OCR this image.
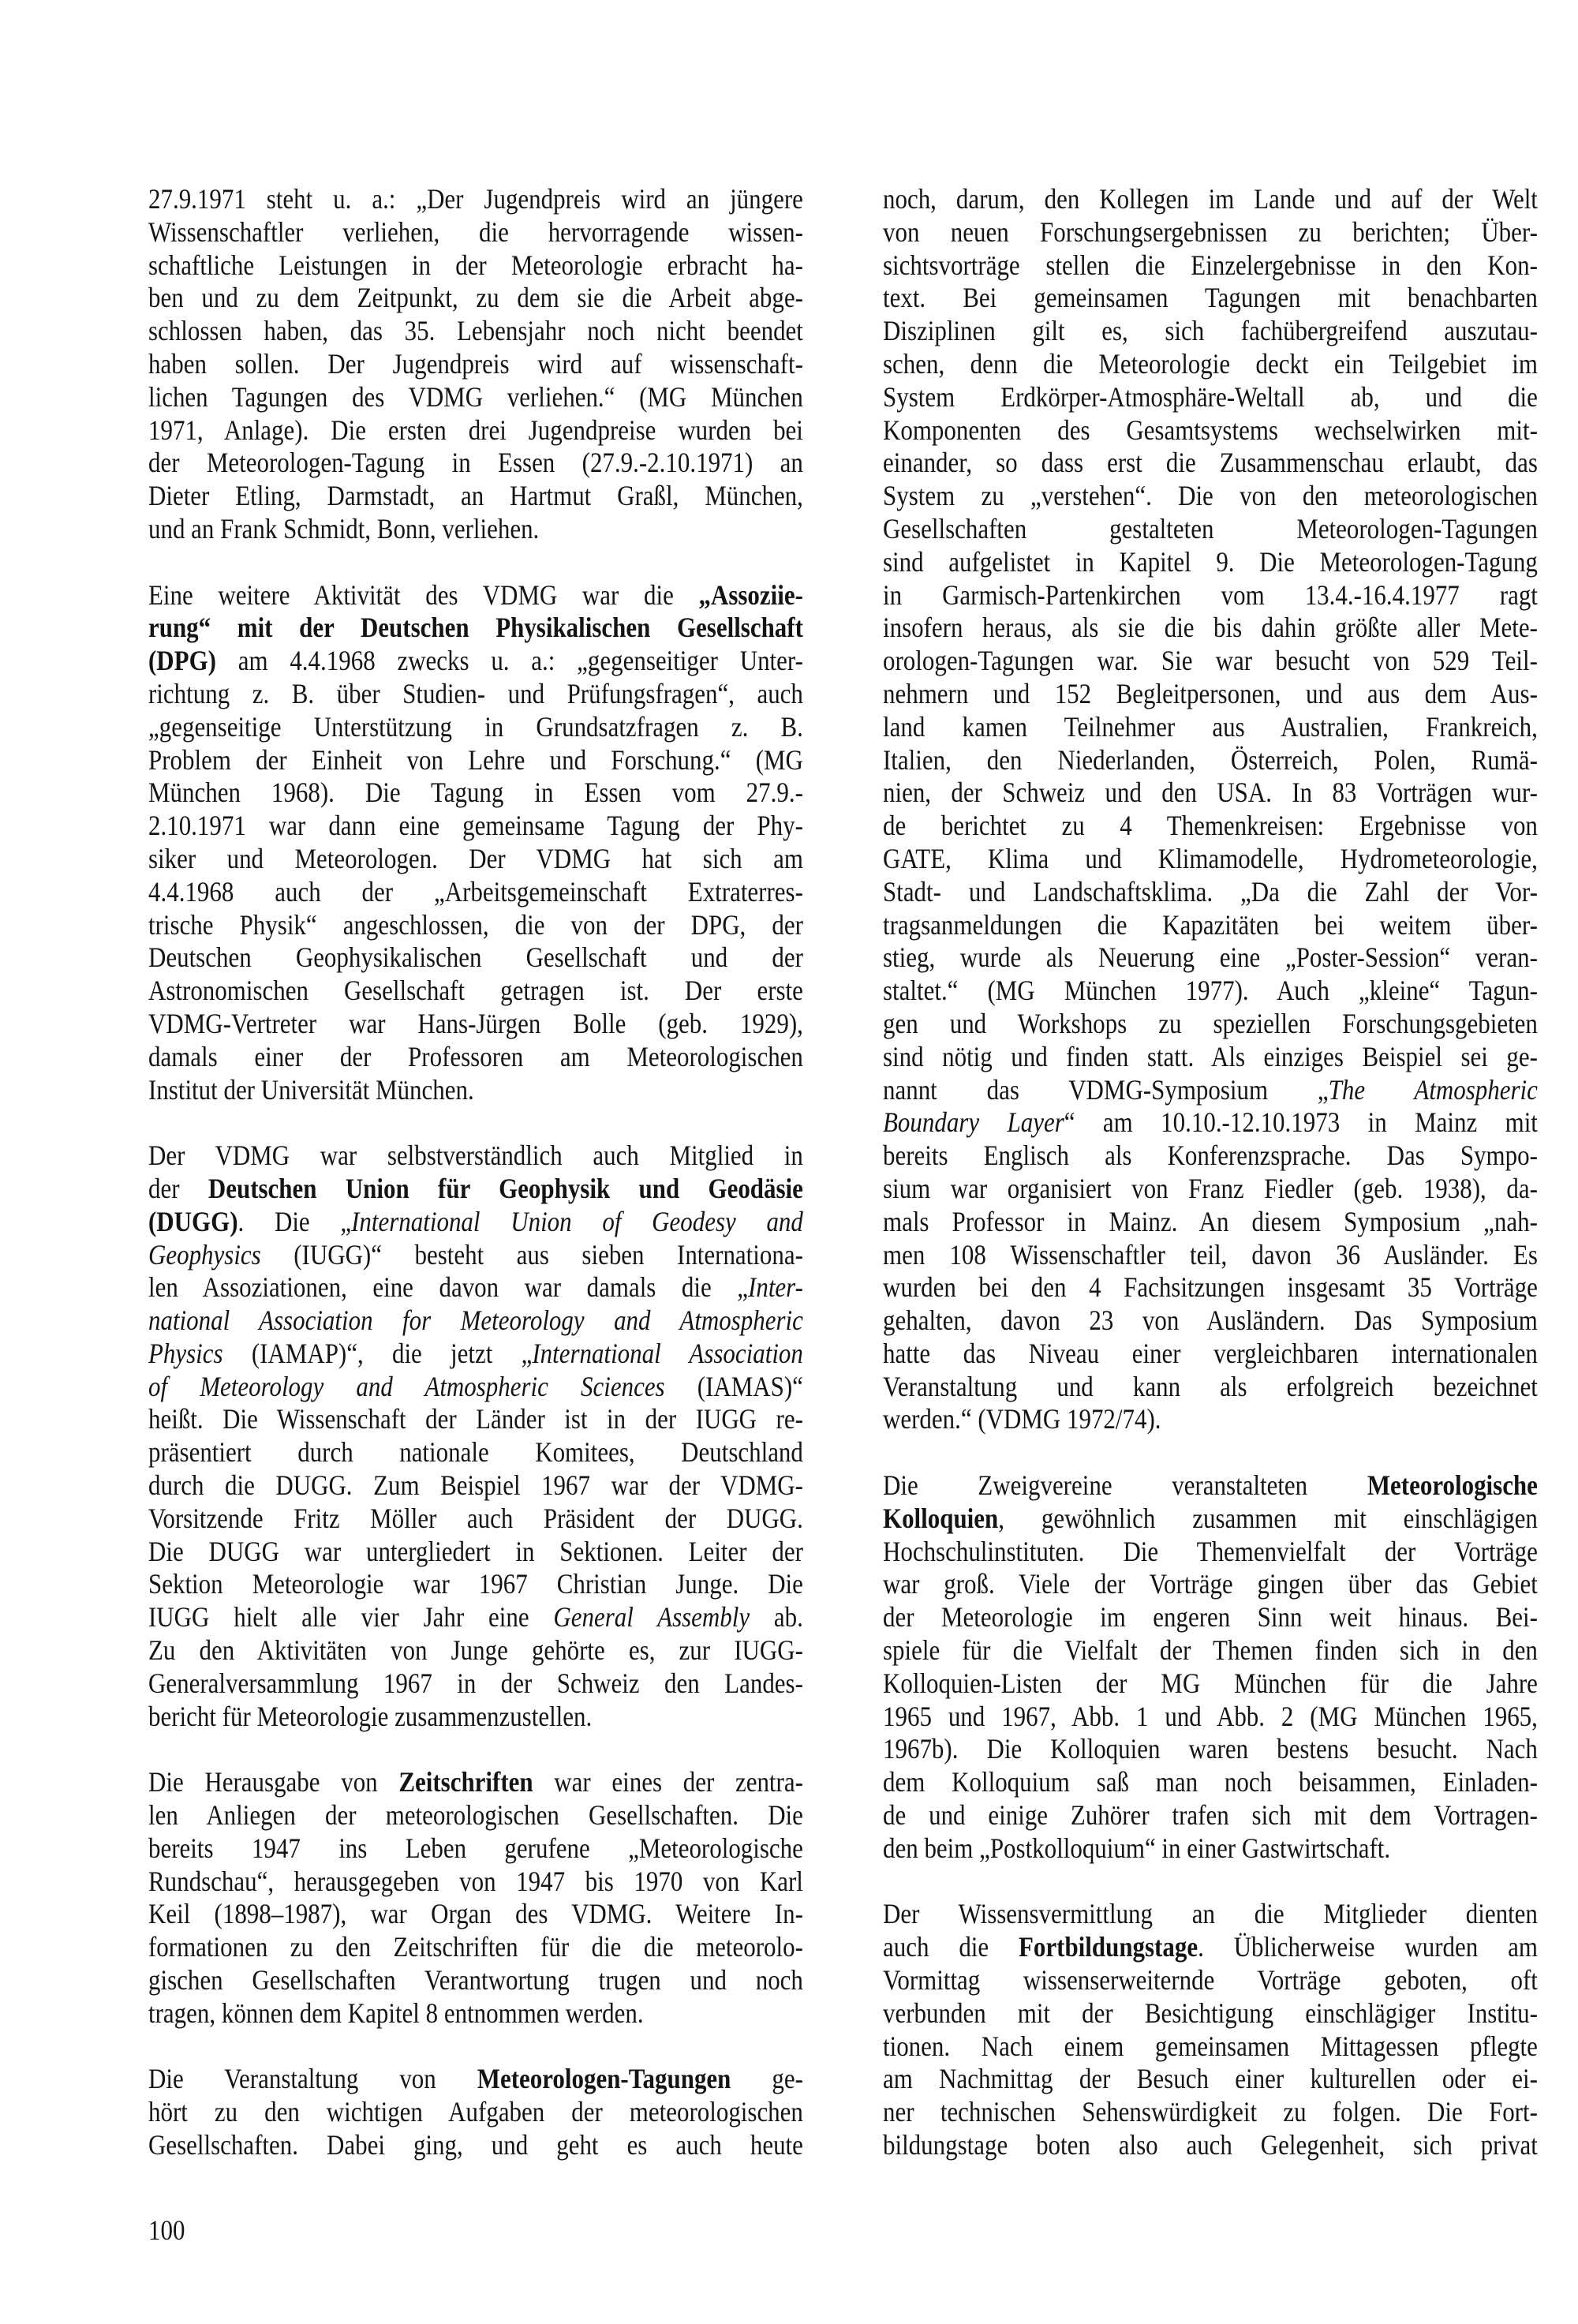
27.9.1971 steht u. a.: „Der Jugendpreis wird an jüngere
Wissenschaftler verliehen, die hervorragende wissen-
schaftliche Leistungen in der Meteorologie erbracht ha-
ben und zu dem Zeitpunkt, zu dem sie die Arbeit abge-
schlossen haben, das 35. Lebensjahr noch nicht beendet
haben sollen. Der Jugendpreis wird auf wissenschaft-
lichen Tagungen des VDMG verliehen.“ (MG München
1971, Anlage). Die ersten drei Jugendpreise wurden bei
der Meteorologen-Tagung in Essen (27.9.-2.10.1971) an
Dieter Etling, Darmstadt, an Hartmut Graßl, München,
und an Frank Schmidt, Bonn, verliehen.
Eine weitere Aktivität des VDMG war die „Assoziie-
rung“ mit der Deutschen Physikalischen Gesellschaft
(DPG) am 4.4.1968 zwecks u. a.: „gegenseitiger Unter-
richtung z. B. über Studien- und Prüfungsfragen“, auch
„gegenseitige Unterstützung in Grundsatzfragen z. B.
Problem der Einheit von Lehre und Forschung.“ (MG
München 1968). Die Tagung in Essen vom 27.9.-
2.10.1971 war dann eine gemeinsame Tagung der Phy-
siker und Meteorologen. Der VDMG hat sich am
4.4.1968 auch der „Arbeitsgemeinschaft Extraterres-
trische Physik“ angeschlossen, die von der DPG, der
Deutschen Geophysikalischen Gesellschaft und der
Astronomischen Gesellschaft getragen ist. Der erste
VDMG-Vertreter war Hans-Jürgen Bolle (geb. 1929),
damals einer der Professoren am Meteorologischen
Institut der Universität München.
Der VDMG war selbstverständlich auch Mitglied in
der Deutschen Union für Geophysik und Geodäsie
(DUGG). Die „International Union of Geodesy and
Geophysics (IUGG)“ besteht aus sieben Internationa-
len Assoziationen, eine davon war damals die „Inter-
national Association for Meteorology and Atmospheric
Physics (IAMAP)“, die jetzt „International Association
of Meteorology and Atmospheric Sciences (IAMAS)“
heißt. Die Wissenschaft der Länder ist in der IUGG re-
präsentiert durch nationale Komitees, Deutschland
durch die DUGG. Zum Beispiel 1967 war der VDMG-
Vorsitzende Fritz Möller auch Präsident der DUGG.
Die DUGG war untergliedert in Sektionen. Leiter der
Sektion Meteorologie war 1967 Christian Junge. Die
IUGG hielt alle vier Jahr eine General Assembly ab.
Zu den Aktivitäten von Junge gehörte es, zur IUGG-
Generalversammlung 1967 in der Schweiz den Landes-
bericht für Meteorologie zusammenzustellen.
Die Herausgabe von Zeitschriften war eines der zentra-
len Anliegen der meteorologischen Gesellschaften. Die
bereits 1947 ins Leben gerufene „Meteorologische
Rundschau“, herausgegeben von 1947 bis 1970 von Karl
Keil (1898–1987), war Organ des VDMG. Weitere In-
formationen zu den Zeitschriften für die die meteorolo-
gischen Gesellschaften Verantwortung trugen und noch
tragen, können dem Kapitel 8 entnommen werden.
Die Veranstaltung von Meteorologen-Tagungen ge-
hört zu den wichtigen Aufgaben der meteorologischen
Gesellschaften. Dabei ging, und geht es auch heute
noch, darum, den Kollegen im Lande und auf der Welt
von neuen Forschungsergebnissen zu berichten; Über-
sichtsvorträge stellen die Einzelergebnisse in den Kon-
text. Bei gemeinsamen Tagungen mit benachbarten
Disziplinen gilt es, sich fachübergreifend auszutau-
schen, denn die Meteorologie deckt ein Teilgebiet im
System Erdkörper-Atmosphäre-Weltall ab, und die
Komponenten des Gesamtsystems wechselwirken mit-
einander, so dass erst die Zusammenschau erlaubt, das
System zu „verstehen“. Die von den meteorologischen
Gesellschaften gestalteten Meteorologen-Tagungen
sind aufgelistet in Kapitel 9. Die Meteorologen-Tagung
in Garmisch-Partenkirchen vom 13.4.-16.4.1977 ragt
insofern heraus, als sie die bis dahin größte aller Mete-
orologen-Tagungen war. Sie war besucht von 529 Teil-
nehmern und 152 Begleitpersonen, und aus dem Aus-
land kamen Teilnehmer aus Australien, Frankreich,
Italien, den Niederlanden, Österreich, Polen, Rumä-
nien, der Schweiz und den USA. In 83 Vorträgen wur-
de berichtet zu 4 Themenkreisen: Ergebnisse von
GATE, Klima und Klimamodelle, Hydrometeorologie,
Stadt- und Landschaftsklima. „Da die Zahl der Vor-
tragsanmeldungen die Kapazitäten bei weitem über-
stieg, wurde als Neuerung eine „Poster-Session“ veran-
staltet.“ (MG München 1977). Auch „kleine“ Tagun-
gen und Workshops zu speziellen Forschungsgebieten
sind nötig und finden statt. Als einziges Beispiel sei ge-
nannt das VDMG-Symposium „The Atmospheric
Boundary Layer“ am 10.10.-12.10.1973 in Mainz mit
bereits Englisch als Konferenzsprache. Das Sympo-
sium war organisiert von Franz Fiedler (geb. 1938), da-
mals Professor in Mainz. An diesem Symposium „nah-
men 108 Wissenschaftler teil, davon 36 Ausländer. Es
wurden bei den 4 Fachsitzungen insgesamt 35 Vorträge
gehalten, davon 23 von Ausländern. Das Symposium
hatte das Niveau einer vergleichbaren internationalen
Veranstaltung und kann als erfolgreich bezeichnet
werden.“ (VDMG 1972/74).
Die Zweigvereine veranstalteten Meteorologische
Kolloquien, gewöhnlich zusammen mit einschlägigen
Hochschulinstituten. Die Themenvielfalt der Vorträge
war groß. Viele der Vorträge gingen über das Gebiet
der Meteorologie im engeren Sinn weit hinaus. Bei-
spiele für die Vielfalt der Themen finden sich in den
Kolloquien-Listen der MG München für die Jahre
1965 und 1967, Abb. 1 und Abb. 2 (MG München 1965,
1967b). Die Kolloquien waren bestens besucht. Nach
dem Kolloquium saß man noch beisammen, Einladen-
de und einige Zuhörer trafen sich mit dem Vortragen-
den beim „Postkolloquium“ in einer Gastwirtschaft.
Der Wissensvermittlung an die Mitglieder dienten
auch die Fortbildungstage. Üblicherweise wurden am
Vormittag wissenserweiternde Vorträge geboten, oft
verbunden mit der Besichtigung einschlägiger Institu-
tionen. Nach einem gemeinsamen Mittagessen pflegte
am Nachmittag der Besuch einer kulturellen oder ei-
ner technischen Sehenswürdigkeit zu folgen. Die Fort-
bildungstage boten also auch Gelegenheit, sich privat
100
